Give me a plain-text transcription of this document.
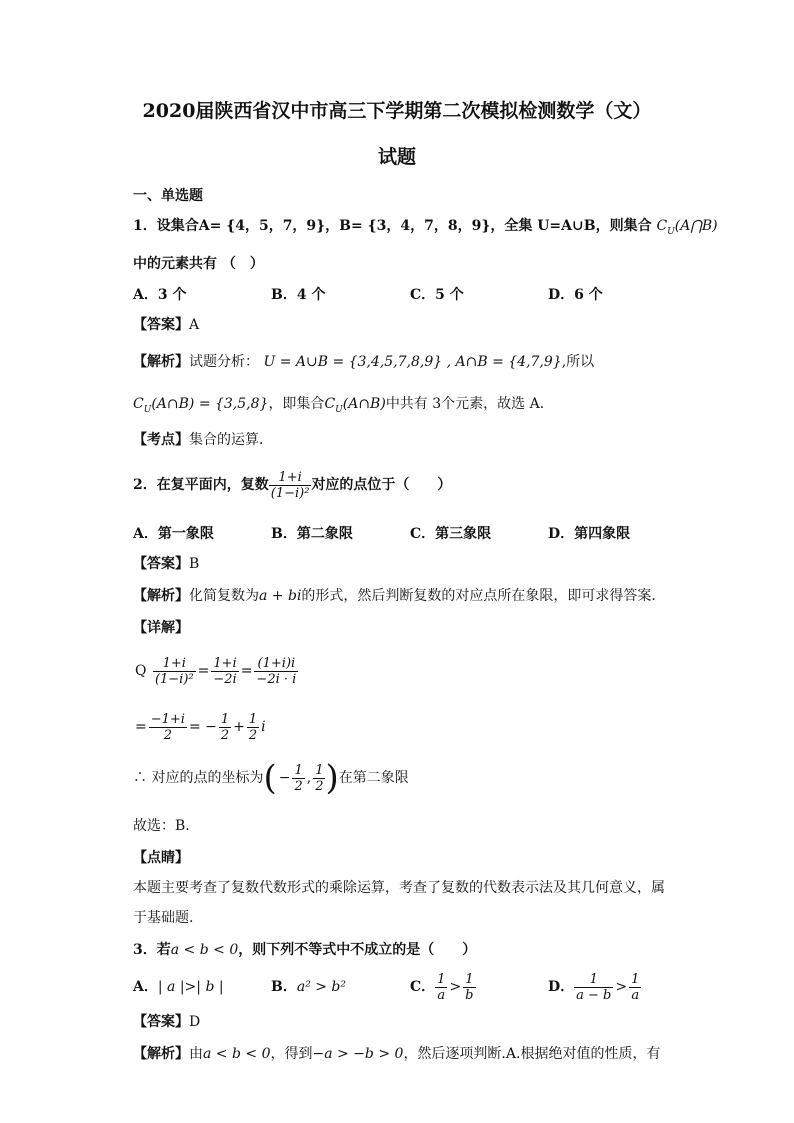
2020届陕西省汉中市高三下学期第二次模拟检测数学（文）
试题
一、单选题
1．设集合A= {4，5，7，9}，B= {3，4，7，8，9}，全集 U=A∪B，则集合 $C_U(A⋂B)$
中的元素共有 （　）
A．3 个	B．4 个	C．5 个	D．6 个
【答案】A
【解析】试题分析： U = A∪B = {3,4,5,7,8,9} , A∩B = {4,7,9},所以
$C_U(A\cap B) = \{3,5,8\}$，即集合$C_U(A\cap B)$中共有 3个元素，故选 A．
【考点】集合的运算．
2．在复平面内，复数 $\frac{1+i}{\text{(1−i)²}}$ 对应的点位于（　　）
A．第一象限	B．第二象限	C．第三象限	D．第四象限
【答案】B
【解析】化简复数为a + bi的形式，然后判断复数的对应点所在象限，即可求得答案.
【详解】
Q $\frac{1+i}{\text{(1−i)²}} = \frac{1+i}{-2i} = \frac{(1+i)i}{-2i \cdot i}$
= $\frac{-1+i}{2}$ = − $\frac{1}{2} + \frac{1}{2}$ i
∴ 对应的点的坐标为( − $\frac{1}{2}$ , $\frac{1}{2}$ )在第二象限
故选：B.
【点睛】
本题主要考查了复数代数形式的乘除运算，考查了复数的代数表示法及其几何意义，属
于基础题.
3．若a < b < 0，则下列不等式中不成立的是（　　）
A．| a |>| b |	B．a² > b²	C． $\frac{1}{a} > \frac{1}{b}$	D． $\frac{1}{a - b} > \frac{1}{a}$
【答案】D
【解析】由a < b < 0，得到−a > −b > 0，然后逐项判断.A.根据绝对值的性质，有
